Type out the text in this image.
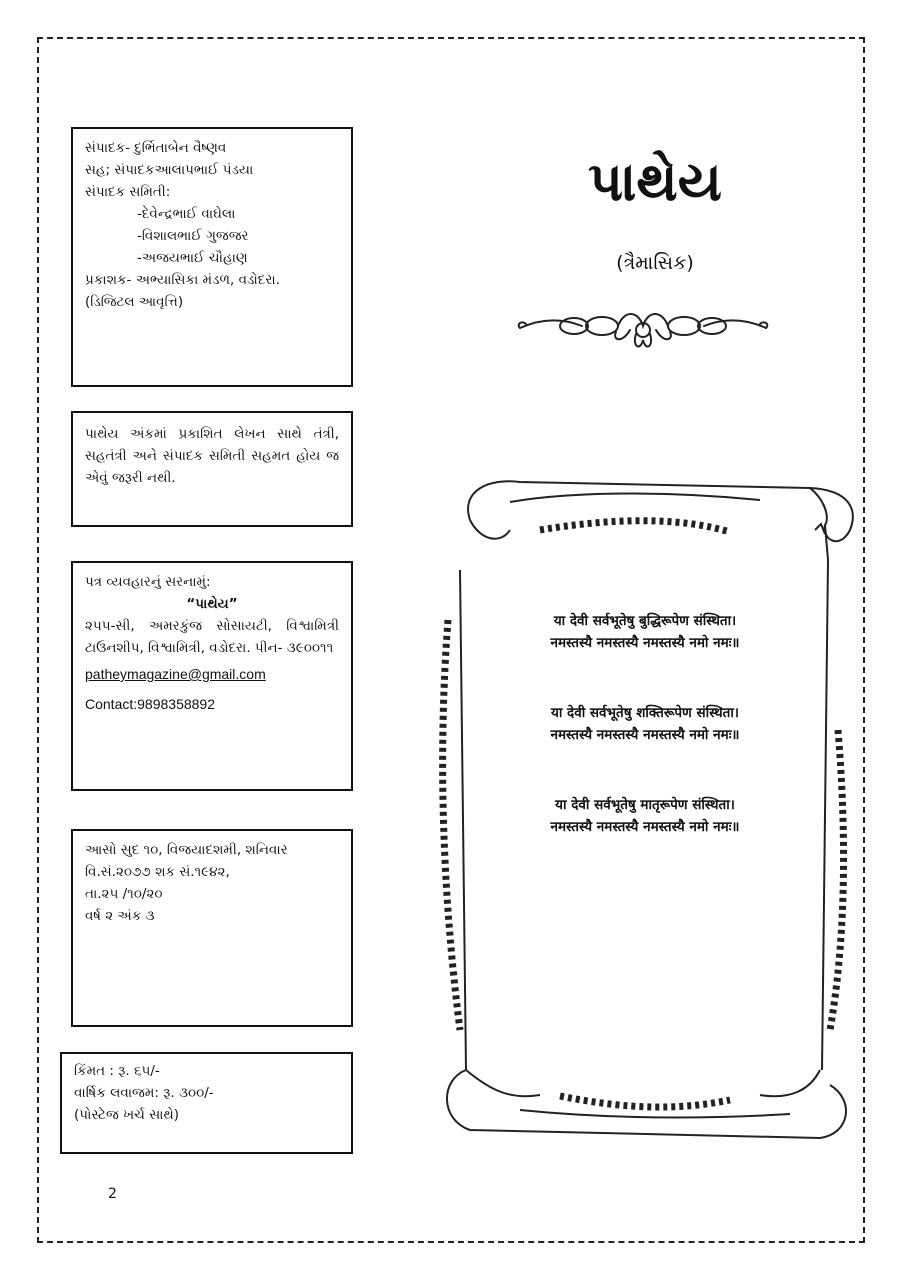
સંપાદક- દુર્ભિતાબેન વૈષ્ણવ

સહ; સંપાદકઆલાપભાઈ પંડયા

સંપાદક સમિતી:

-દેવેન્દ્રભાઈ વાઘેલા

-વિશાલભાઈ ગુજજર

-અજયભાઈ ચૌહાણ

પ્રકાશક- અભ્યાસિકા મંડળ, વડોદરા.

(ડિજિટલ આવૃત્તિ)

પાથેય અંકમાં પ્રકાશિત લેખન સાથે તંત્રી, સહતંત્રી અને સંપાદક સમિતી સહમત હોય જ એવું જરૂરી નથી.

પત્ર વ્યવહારનું સરનામું:

“પાથેય”

૨૫૫-સી, અમરકુંજ સોસાયટી, વિશ્વામિત્રી ટાઉનશીપ, વિશ્વામિત્રી, વડોદરા. પીન- ૩૯૦૦૧૧

patheymagazine@gmail.com

Contact:9898358892

આસો સુદ ૧૦, વિજયાદશમી, શનિવાર

વિ.સં.૨૦૭૭ શક સં.૧૯૪૨,

તા.૨૫ /૧૦/૨૦

વર્ષ ૨ અંક ૩

કિંમત : રૂ. ૬૫/-

વાર્ષિક લવાજમ: રૂ. ૩૦૦/-

(પોસ્ટેજ ખર્ચ સાથે)

પાથેય
(ત્રૈમાસિક)
या देवी सर्वभूतेषु बुद्धिरूपेण संस्थिता।
नमस्तस्यै नमस्तस्यै नमस्तस्यै नमो नमः॥
या देवी सर्वभूतेषु शक्तिरूपेण संस्थिता।
नमस्तस्यै नमस्तस्यै नमस्तस्यै नमो नमः॥
या देवी सर्वभूतेषु मातृरूपेण संस्थिता।
नमस्तस्यै नमस्तस्यै नमस्तस्यै नमो नमः॥
2
